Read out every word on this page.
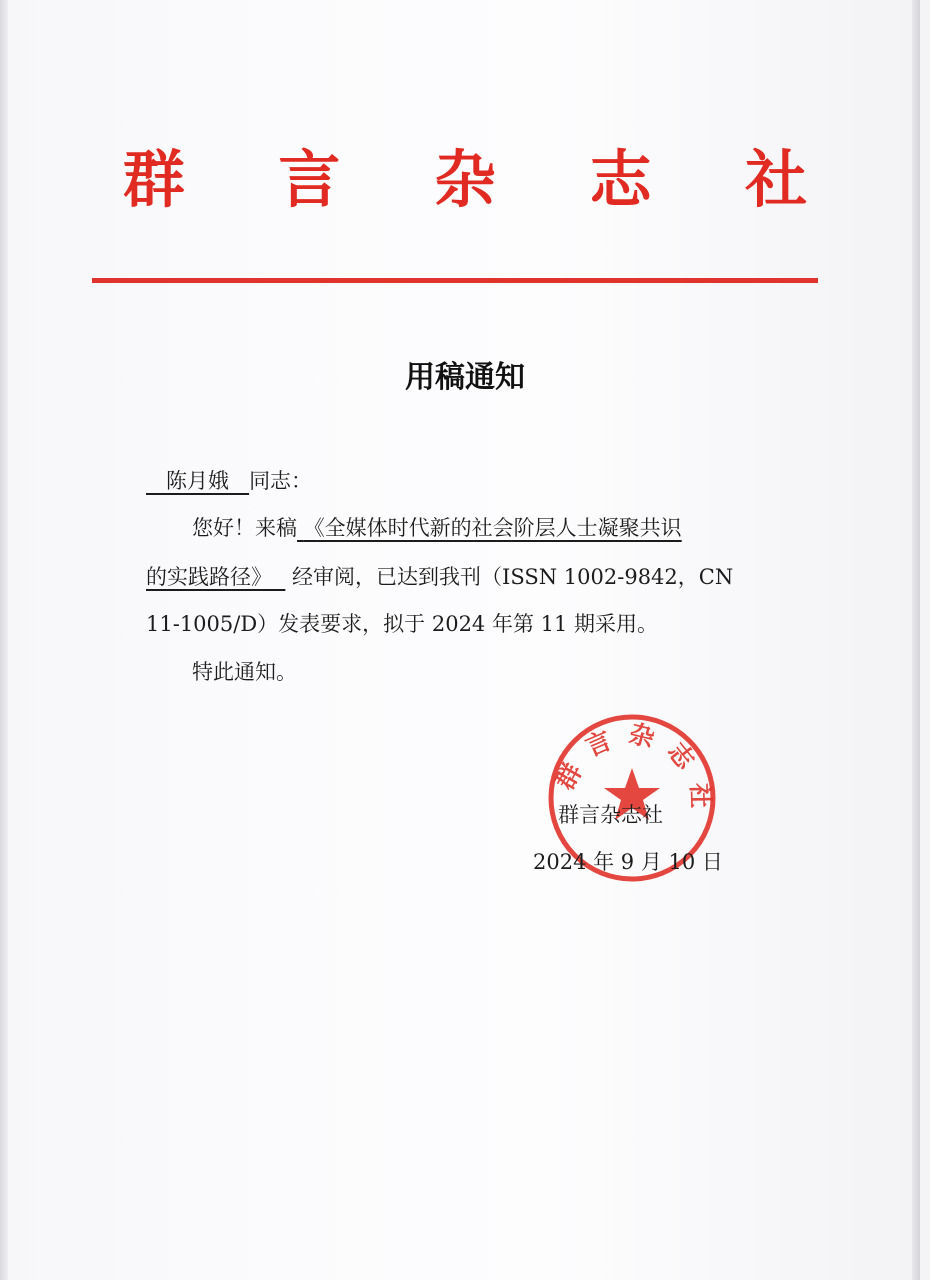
群 言 杂 志 社
用稿通知
陈月娥 同志：
您好！来稿 《全媒体时代新的社会阶层人士凝聚共识
的实践路径》 经审阅，已达到我刊（ISSN 1002-9842，CN
11-1005/D）发表要求，拟于 2024 年第 11 期采用。
特此通知。
群言杂志社
群言杂志社
2024 年 9 月 10 日
